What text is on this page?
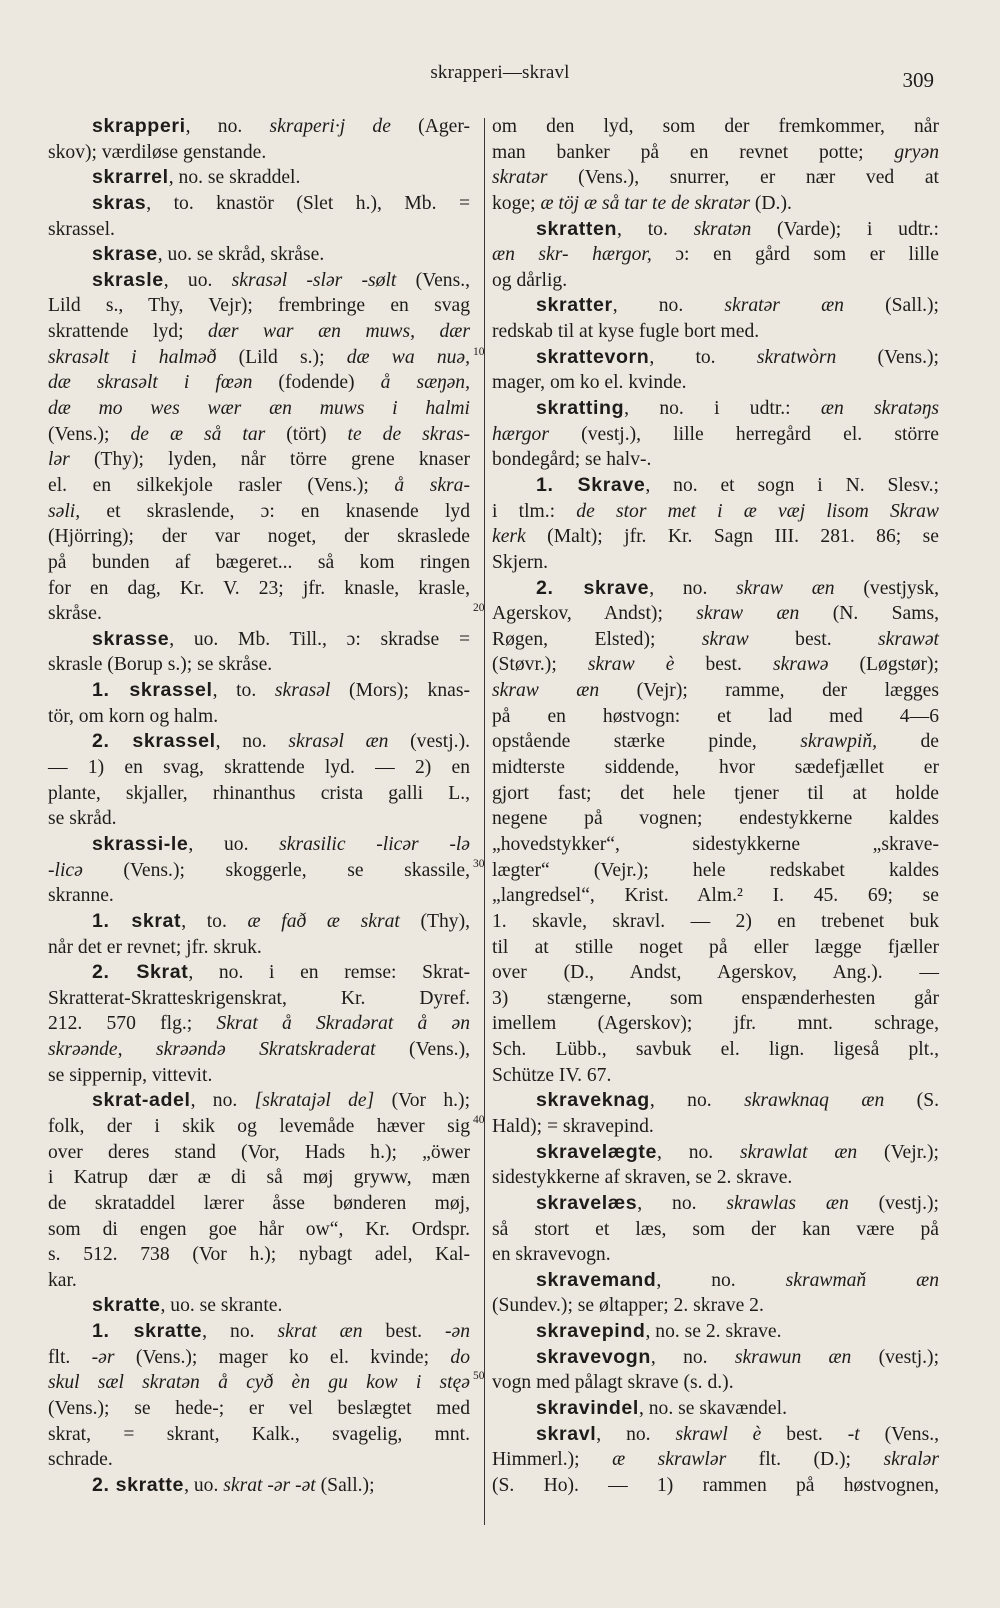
skrapperi—skravl	309
skrapperi, no. skraperi·j de (Ager-
skov); værdiløse genstande.
skrarrel, no. se skraddel.
skras, to. knastör (Slet h.), Mb. =
skrassel.
skrase, uo. se skråd, skråse.
skrasle, uo. skrasəl -slər -sølt (Vens.,
Lild s., Thy, Vejr); frembringe en svag
skrattende lyd; dær war æn muws, dær
skrasəlt i halməð (Lild s.); dæ wa nuə,
dæ skrasəlt i fœən (fodende) å sæŋən,
dæ mo wes wær æn muws i halmi
(Vens.); de æ så tar (tört) te de skras-
lər (Thy); lyden, når törre grene knaser
el. en silkekjole rasler (Vens.); å skra-
səli, et skraslende, ɔ: en knasende lyd
(Hjörring); der var noget, der skraslede
på bunden af bægeret... så kom ringen
for en dag, Kr. V. 23; jfr. knasle, krasle,
skråse.
skrasse, uo. Mb. Till., ɔ: skradse =
skrasle (Borup s.); se skråse.
1. skrassel, to. skrasəl (Mors); knas-
tör, om korn og halm.
2. skrassel, no. skrasəl æn (vestj.).
— 1) en svag, skrattende lyd. — 2) en
plante, skjaller, rhinanthus crista galli L.,
se skråd.
skrassi-le, uo. skrasilic -licər -lə
-licə (Vens.); skoggerle, se skassile,
skranne.
1. skrat, to. æ fað æ skrat (Thy),
når det er revnet; jfr. skruk.
2. Skrat, no. i en remse: Skrat-
Skratterat-Skratteskrigenskrat, Kr. Dyref.
212. 570 flg.; Skrat å Skradərat å ən
skrəənde, skrəəndə Skratskraderat (Vens.),
se sippernip, vittevit.
skrat-adel, no. [skratajəl de] (Vor h.);
folk, der i skik og levemåde hæver sig
over deres stand (Vor, Hads h.); „öwer
i Katrup dær æ di så møj gryww, mæn
de skrataddel lærer åsse bønderen møj,
som di engen goe hår ow“, Kr. Ordspr.
s. 512. 738 (Vor h.); nybagt adel, Kal-
kar.
skratte, uo. se skrante.
1. skratte, no. skrat æn best. -ən
flt. -ər (Vens.); mager ko el. kvinde; do
skul sæl skratən å cyð èn gu kow i stęə
(Vens.); se hede-; er vel beslægtet med
skrat, = skrant, Kalk., svagelig, mnt.
schrade.
2. skratte, uo. skrat -ər -ət (Sall.);
om den lyd, som der fremkommer, når
man banker på en revnet potte; gryən
skratər (Vens.), snurrer, er nær ved at
koge; æ töj æ så tar te de skratər (D.).
skratten, to. skratən (Varde); i udtr.:
æn skr- hærgor, ɔ: en gård som er lille
og dårlig.
skratter, no. skratər æn (Sall.);
redskab til at kyse fugle bort med.
skrattevorn, to. skratwòrn (Vens.);
mager, om ko el. kvinde.
skratting, no. i udtr.: æn skratəŋs
hærgor (vestj.), lille herregård el. större
bondegård; se halv-.
1. Skrave, no. et sogn i N. Slesv.;
i tlm.: de stor met i æ væj lisom Skraw
kerk (Malt); jfr. Kr. Sagn III. 281. 86; se
Skjern.
2. skrave, no. skraw æn (vestjysk,
Agerskov, Andst); skraw æn (N. Sams,
Røgen, Elsted); skraw best. skrawət
(Støvr.); skraw è best. skrawə (Løgstør);
skraw æn (Vejr); ramme, der lægges
på en høstvogn: et lad med 4—6
opstående stærke pinde, skrawpiň, de
midterste siddende, hvor sædefjællet er
gjort fast; det hele tjener til at holde
negene på vognen; endestykkerne kaldes
„hovedstykker“, sidestykkerne „skrave-
lægter“ (Vejr.); hele redskabet kaldes
„langredsel“, Krist. Alm.² I. 45. 69; se
1. skavle, skravl. — 2) en trebenet buk
til at stille noget på eller lægge fjæller
over (D., Andst, Agerskov, Ang.). —
3) stængerne, som enspænderhesten går
imellem (Agerskov); jfr. mnt. schrage,
Sch. Lübb., savbuk el. lign. ligeså plt.,
Schütze IV. 67.
skraveknag, no. skrawknaq æn (S.
Hald); = skravepind.
skravelægte, no. skrawlat æn (Vejr.);
sidestykkerne af skraven, se 2. skrave.
skravelæs, no. skrawlas æn (vestj.);
så stort et læs, som der kan være på
en skravevogn.
skravemand, no. skrawmaň æn
(Sundev.); se øltapper; 2. skrave 2.
skravepind, no. se 2. skrave.
skravevogn, no. skrawun æn (vestj.);
vogn med pålagt skrave (s. d.).
skravindel, no. se skavændel.
skravl, no. skrawl è best. -t (Vens.,
Himmerl.); æ skrawlər flt. (D.); skralər
(S. Ho). — 1) rammen på høstvognen,
10
20
30
40
50
